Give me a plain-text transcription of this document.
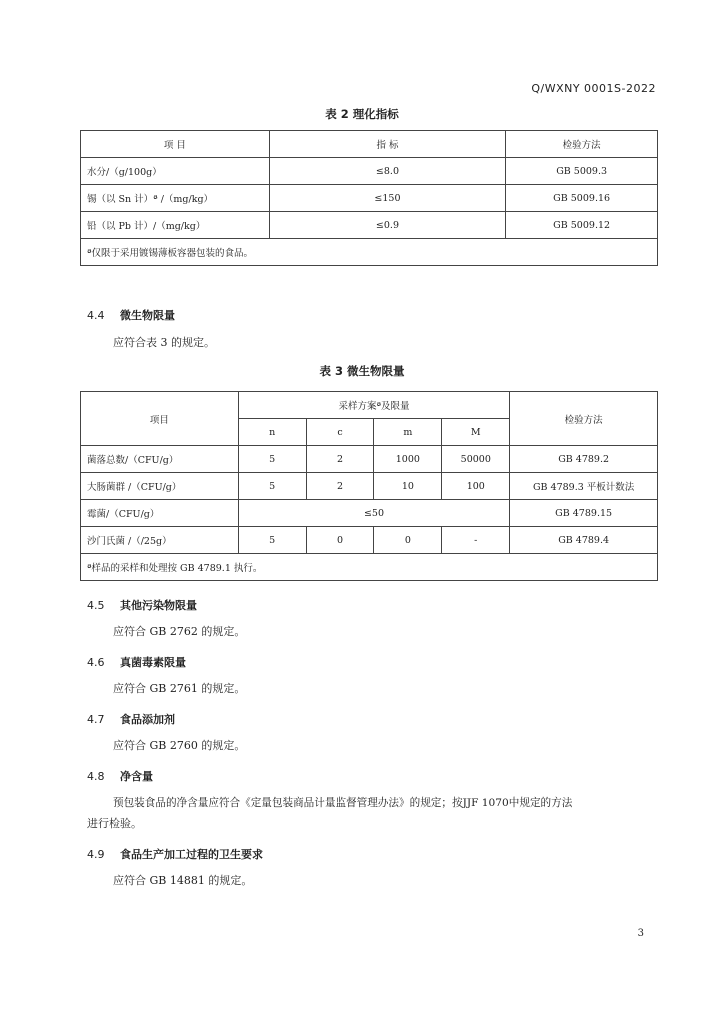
Q/WXNY 0001S-2022
表 2 理化指标
项 目	指 标	检验方法
水分/（g/100g）	≤8.0	GB 5009.3
锡（以 Sn 计）ª /（mg/kg）	≤150	GB 5009.16
铅（以 Pb 计）/（mg/kg）	≤0.9	GB 5009.12
ª仅限于采用镀锡薄板容器包装的食品。		
4.4 微生物限量
应符合表 3 的规定。
表 3 微生物限量
项目	采样方案ª及限量				检验方法
	n	c	m	M	
菌落总数/（CFU/g）	5	2	1000	50000	GB 4789.2
大肠菌群 /（CFU/g）	5	2	10	100	GB 4789.3 平板计数法
霉菌/（CFU/g）	≤50				GB 4789.15
沙门氏菌 /（/25g）	5	0	0	-	GB 4789.4
ª样品的采样和处理按 GB 4789.1 执行。					
4.5 其他污染物限量
应符合 GB 2762 的规定。
4.6 真菌毒素限量
应符合 GB 2761 的规定。
4.7 食品添加剂
应符合 GB 2760 的规定。
4.8 净含量
预包装食品的净含量应符合《定量包装商品计量监督管理办法》的规定；按JJF 1070中规定的方法
进行检验。
4.9 食品生产加工过程的卫生要求
应符合 GB 14881 的规定。
3
